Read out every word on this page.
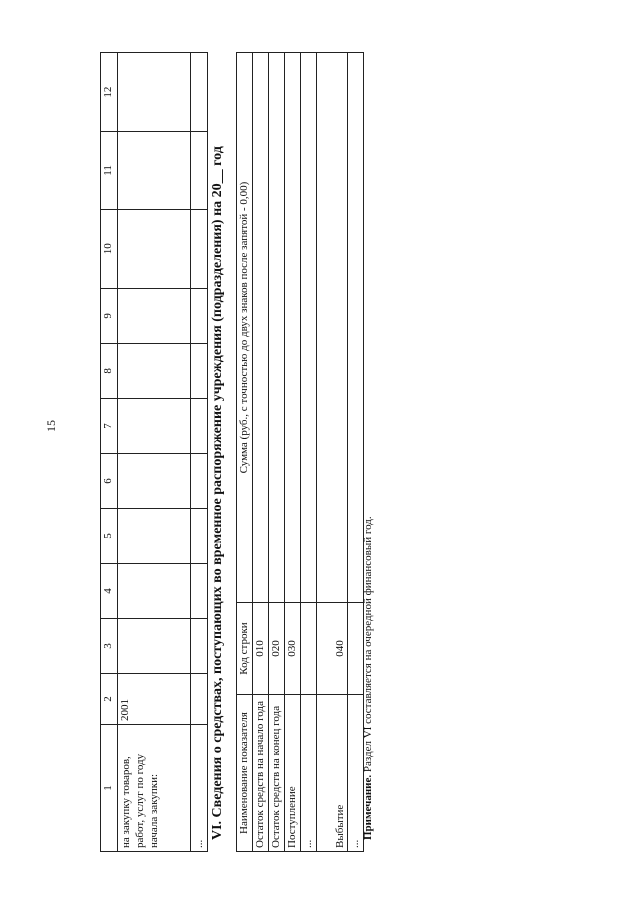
15
1	2	3	4	5	6	7	8	9	10	11	12
на закупку товаров, работ, услуг по году начала закупки:	2001										
...											
VI. Сведения о средствах, поступающих во временное распоряжение учреждения (подразделения) на 20__ год Наименование показателя	Код строки	Сумма (руб., с точностью до двух знаков после запятой - 0,00)
Остаток средств на начало года	010	
Остаток средств на конец года	020	
Поступление	030	
...		
Выбытие	040	
...		
Примечание. Раздел VI составляется на очередной финансовый год.
